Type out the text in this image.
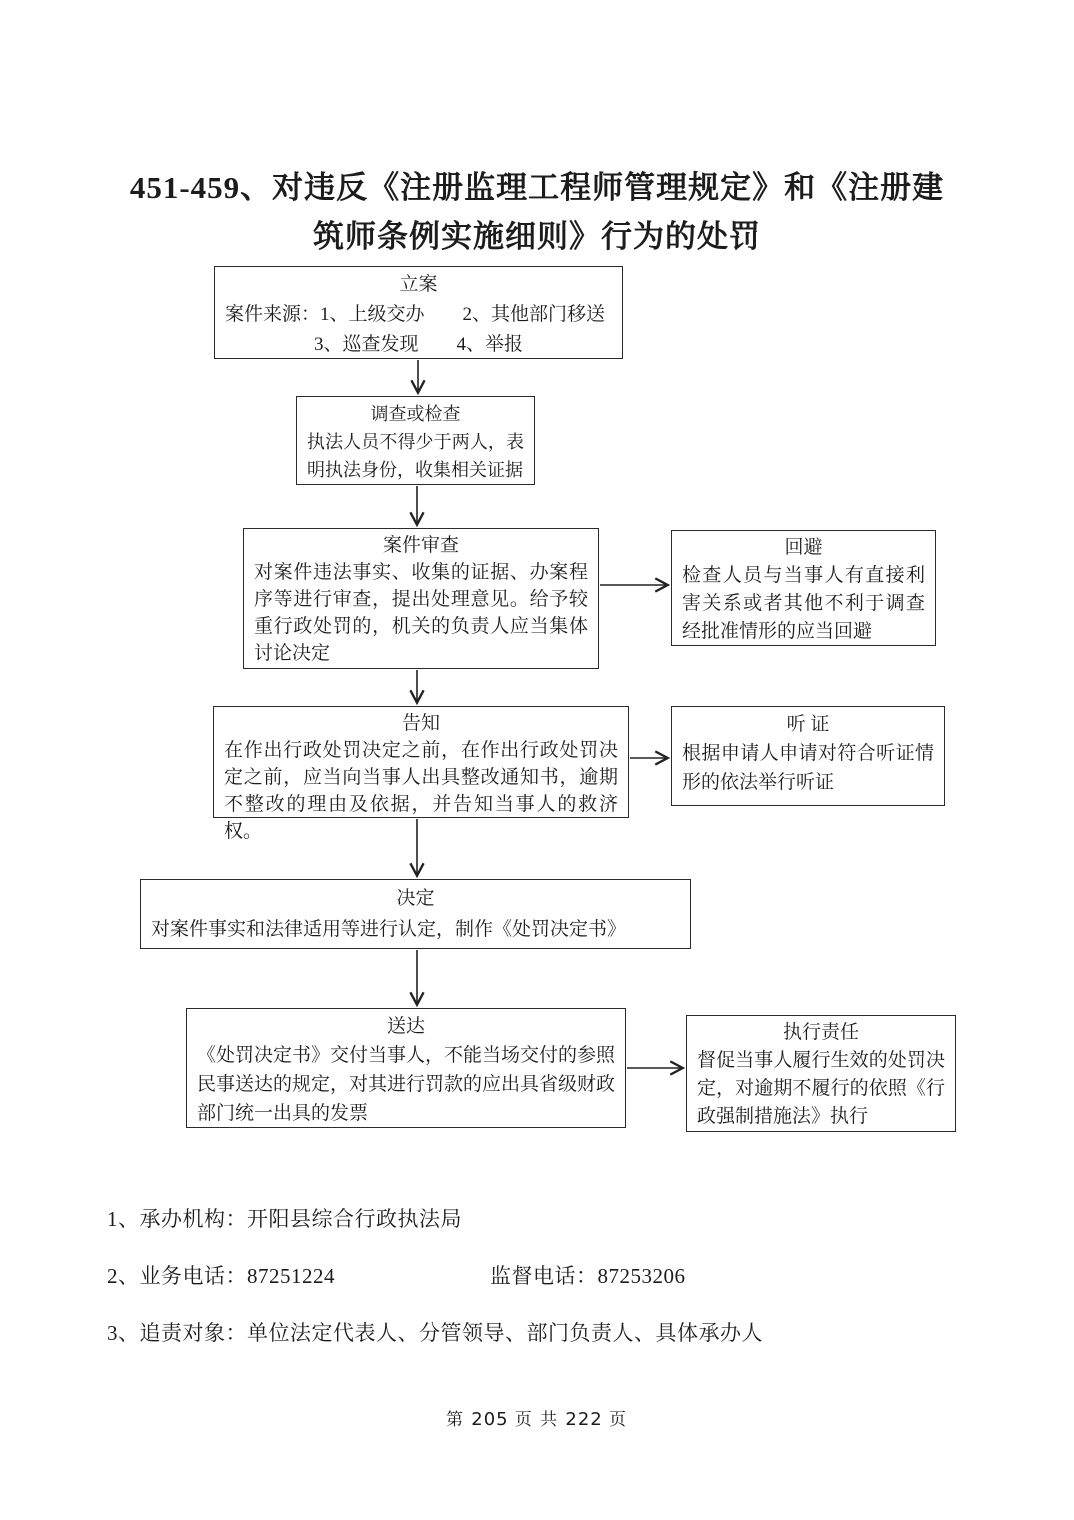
451-459、对违反《注册监理工程师管理规定》和《注册建
筑师条例实施细则》行为的处罚
立案
案件来源：1、上级交办　　2、其他部门移送
3、巡查发现　　4、举报
调查或检查
执法人员不得少于两人，表明执法身份，收集相关证据
案件审查
对案件违法事实、收集的证据、办案程序等进行审查，提出处理意见。给予较重行政处罚的，机关的负责人应当集体讨论决定
回避
检查人员与当事人有直接利害关系或者其他不利于调查经批准情形的应当回避
告知
在作出行政处罚决定之前，在作出行政处罚决定之前，应当向当事人出具整改通知书，逾期不整改的理由及依据，并告知当事人的救济权。
听 证
根据申请人申请对符合听证情形的依法举行听证
决定
对案件事实和法律适用等进行认定，制作《处罚决定书》
送达
《处罚决定书》交付当事人，不能当场交付的参照民事送达的规定，对其进行罚款的应出具省级财政部门统一出具的发票
执行责任
督促当事人履行生效的处罚决定，对逾期不履行的依照《行政强制措施法》执行
1、承办机构：开阳县综合行政执法局
2、业务电话：87251224	监督电话：87253206
3、追责对象：单位法定代表人、分管领导、部门负责人、具体承办人
第 205 页 共 222 页
